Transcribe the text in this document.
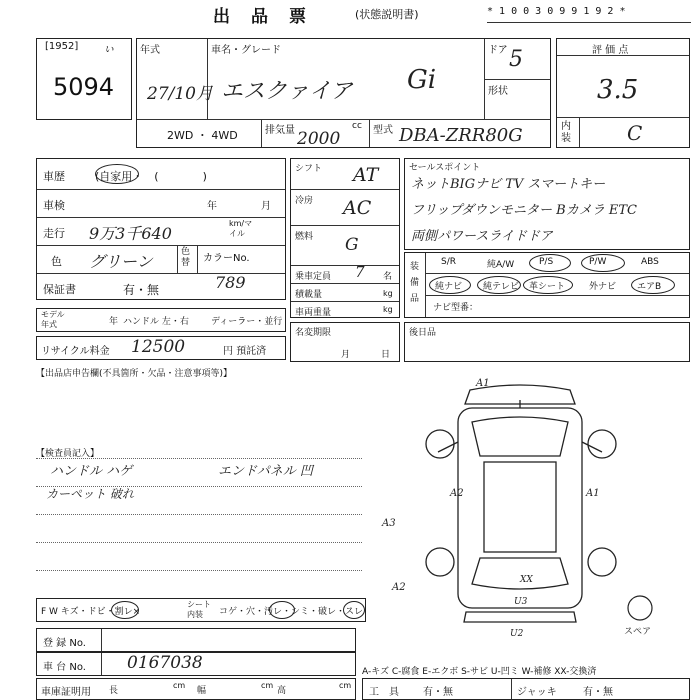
出　品　票	(状態説明書)	* 1 0 0 3 0 9 9 1 9 2 *
[1952] ぃ
5094
年式	車名・グレード
27/10月 エスクァイア Gi
ドア 5
形状
2WD ・ 4WD	排気量	cc
2000	型式 DBA-ZRR80G
評 価 点
3.5
内装	C
車歴	(自家用・　(　　　　)
車検	年	月
走行 9万3千640
km/マイル
色 グリーン	色替 カラーNo.
保証書	有・無	789
モデル年式	年 ハンドル 左・右 ディーラー・並行
リサイクル料金 12500	円 預託済
シフト AT
冷房 AC
燃料 G
乗車定員 7 名
積載量	kg
車両重量	kg
名変期限
月	日
セールスポイント
ネットBIGナビ TV スマートキー
フリップダウンモニター Bカメラ ETC
両側パワースライドドア
装備品
S/R	純A/W	P/S	P/W	ABS
純ナビ 純テレビ 革シート	外ナビ エアB
ナビ型番：
後日品
【出品店申告欄(不具箇所・欠品・注意事項等)】
【検査員記入】
ハンドル ハゲ
カーペット 破れ
エンドパネル 凹
A1
A2	A1
A3
A2
XX
U3
U2	スペア
F W キズ・ドビ・割レ×
シート内装	コゲ・穴・汚レ・シミ・破レ・スレ
登 録 No.
車 台 No. 0167038
車庫証明用 長
cm
幅
cm
高
cm
A-キズ C-腐食 E-エクボ S-サビ U-凹ミ W-補修 XX-交換済
工　具 有・無	ジャッキ	有・無
